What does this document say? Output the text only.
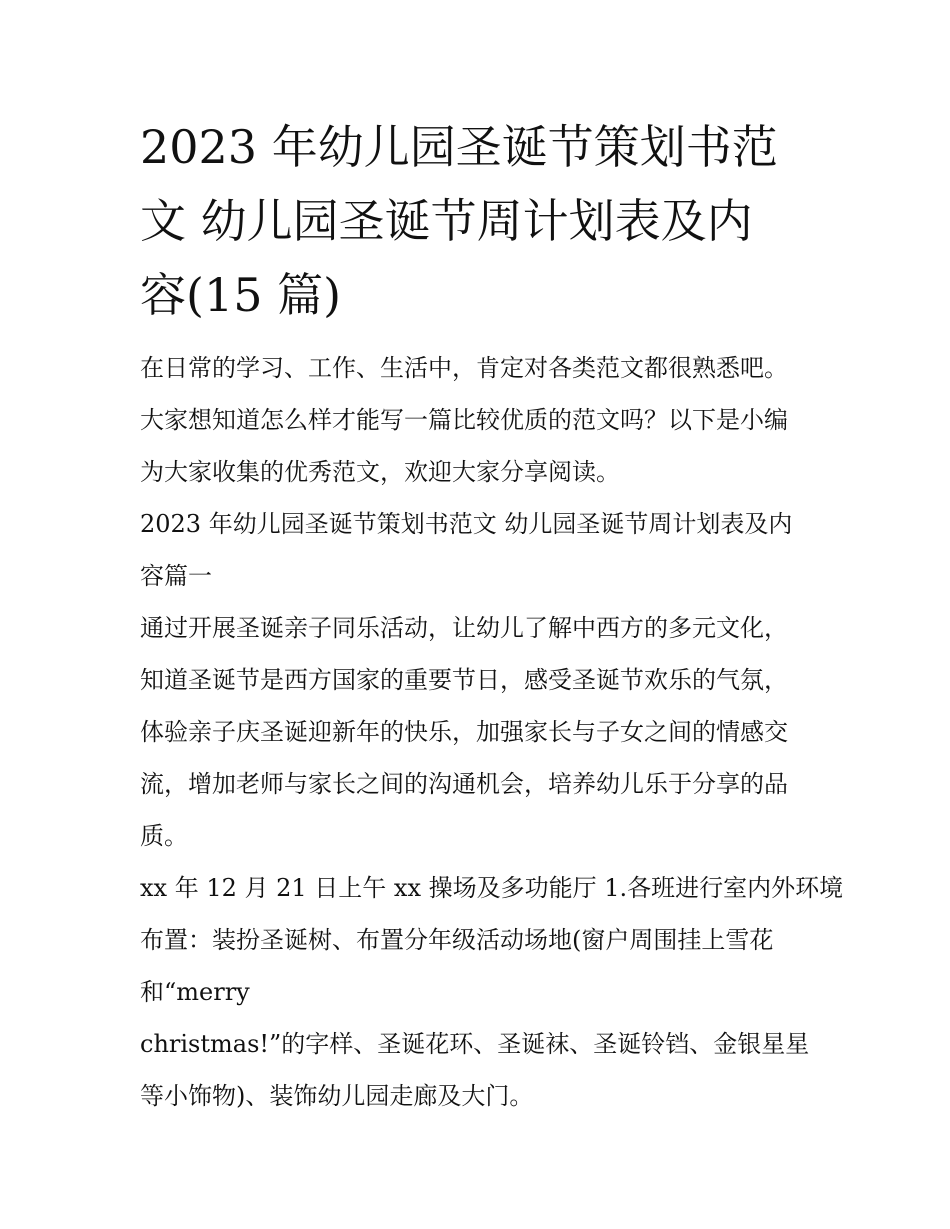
2023 年幼儿园圣诞节策划书范
文 幼儿园圣诞节周计划表及内
容(15 篇)

在日常的学习、工作、生活中，肯定对各类范文都很熟悉吧。
大家想知道怎么样才能写一篇比较优质的范文吗？以下是小编
为大家收集的优秀范文，欢迎大家分享阅读。

2023 年幼儿园圣诞节策划书范文 幼儿园圣诞节周计划表及内
容篇一

通过开展圣诞亲子同乐活动，让幼儿了解中西方的多元文化，
知道圣诞节是西方国家的重要节日，感受圣诞节欢乐的气氛，
体验亲子庆圣诞迎新年的快乐，加强家长与子女之间的情感交
流，增加老师与家长之间的沟通机会，培养幼儿乐于分享的品
质。

xx 年 12 月 21 日上午 xx 操场及多功能厅 1.各班进行室内外环境
布置：装扮圣诞树、布置分年级活动场地(窗户周围挂上雪花
和“merry

christmas!”的字样、圣诞花环、圣诞袜、圣诞铃铛、金银星星
等小饰物)、装饰幼儿园走廊及大门。
